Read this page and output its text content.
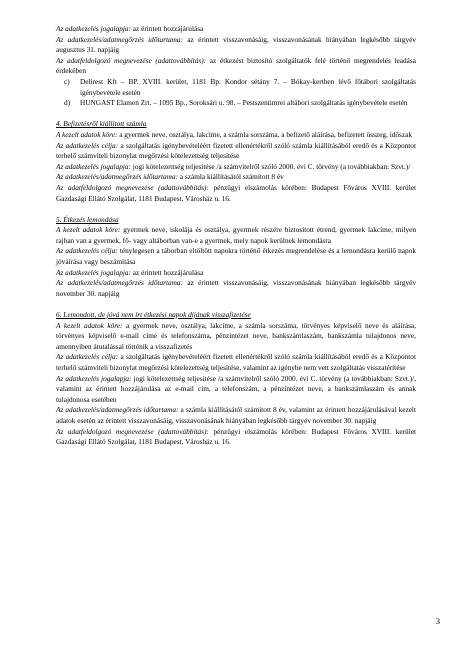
Az adatkezelés jogalapja: az érintett hozzájárulása

Az adatkezelés/adatmegőrzés időtartama: az érintett visszavonásáig, visszavonásának hiányában legkésőbb tárgyév augusztus 31. napjáig

Az adatfeldolgozó megnevezése (adattovábbítás): az étkezést biztosító szolgáltatók felé történő megrendelés leadása érdekében

c) Delirest Kft – BP. XVIII. kerület, 1181 Bp. Kondor sétány 7. – Bókay-kertben lévő főtábori szolgáltatás igénybevétele esetén

d) HUNGAST Elamen Zrt. – 1095 Bp., Soroksári u. 98. – Pestszentimrei altábori szolgáltatás igénybevétele esetén

4. Befizetésről kiállított számla

A kezelt adatok köre: a gyermek neve, osztálya, lakcíme, a számla sorszáma, a befizető aláírása, befizetett összeg, időszak

Az adatkezelés célja: a szolgáltatás igénybevételéért fizetett ellenértékről szóló számla kiállításából eredő és a Központot terhelő számviteli bizonylat megőrzési kötelezettség teljesítése

Az adatkezelés jogalapja: jogi kötelezettség teljesítése /a számvitelről szóló 2000. évi C. törvény (a továbbiakban: Szvt.)/

Az adatkezelés/adatmegőrzés időtartama: a számla kiállításától számított 8 év

Az adatfeldolgozó megnevezése (adattovábbítás): pénzügyi elszámolás körében: Budapest Főváros XVIII. kerület Gazdasági Ellátó Szolgálat, 1181 Budapest, Városház u. 16.

5. Étkezés lemondása

A kezelt adatok köre: gyermek neve, iskolája és osztálya, gyermek részére biztosított étrend, gyermek lakcíme, milyen rajban van a gyermek, fő- vagy altáborban van-e a gyermek, mely napok kerülnek lemondásra

Az adatkezelés célja: ténylegesen a táborban eltöltött napokra történő étkezés megrendelése és a lemondásra kerülő napok jóváírása vagy beszámítása

Az adatkezelés jogalapja: az érintett hozzájárulása

Az adatkezelés/adatmegőrzés időtartama: az érintett visszavonásáig, visszavonásának hiányában legkésőbb tárgyév november 30. napjáig

6. Lemondott, de jóvá nem írt étkezési napok díjának visszafizetése

A kezelt adatok köre: a gyermek neve, osztálya, lakcíme, a számla sorszáma, törvényes képviselő neve és aláírása, törvényes képviselő e-mail címe és telefonszáma, pénzintézet neve, bankszámlaszám, bankszámla tulajdonos neve, amennyiben átutalással történik a visszafizetés

Az adatkezelés célja: a szolgáltatás igénybevételéért fizetett ellenértékről szóló számla kiállításából eredő és a Központot terhelő számviteli bizonylat megőrzési kötelezettség teljesítése, valamint az igénybe nem vett szolgáltatás visszatérítése

Az adatkezelés jogalapja: jogi kötelezettség teljesítése /a számvitelről szóló 2000. évi C. törvény (a továbbiakban: Szvt.)/, valamint az érintett hozzájárulása az e-mail cím, a telefonszám, a pénzintézet neve, a bankszámlaszám és annak tulajdonosa esetében

Az adatkezelés/adatmegőrzés időtartama: a számla kiállításától számított 8 év, valamint az érintett hozzájárulásával kezelt adatok esetén az érintett visszavonásáig, visszavonásának hiányában legkésőbb tárgyév november 30. napjáig

Az adatfeldolgozó megnevezése (adattovábbítás): pénzügyi elszámolás körében: Budapest Főváros XVIII. kerület Gazdasági Ellátó Szolgálat, 1181 Budapest, Városház u. 16.

3
